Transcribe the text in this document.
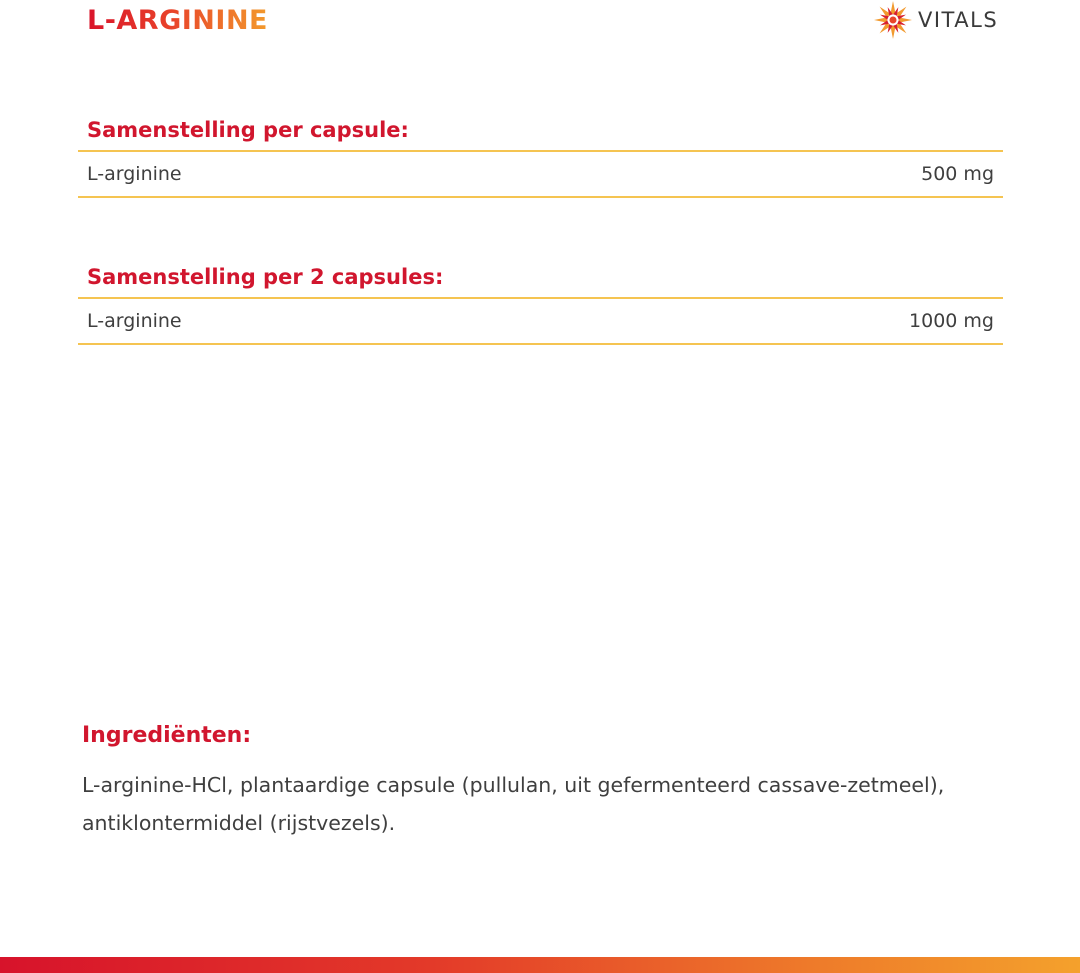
L-ARGININE	VITALS
Samenstelling per capsule:
L-arginine	500 mg
Samenstelling per 2 capsules:
L-arginine	1000 mg
Ingrediënten:
L-arginine-HCl, plantaardige capsule (pullulan, uit gefermenteerd cassave-zetmeel), antiklontermiddel (rijstvezels).
